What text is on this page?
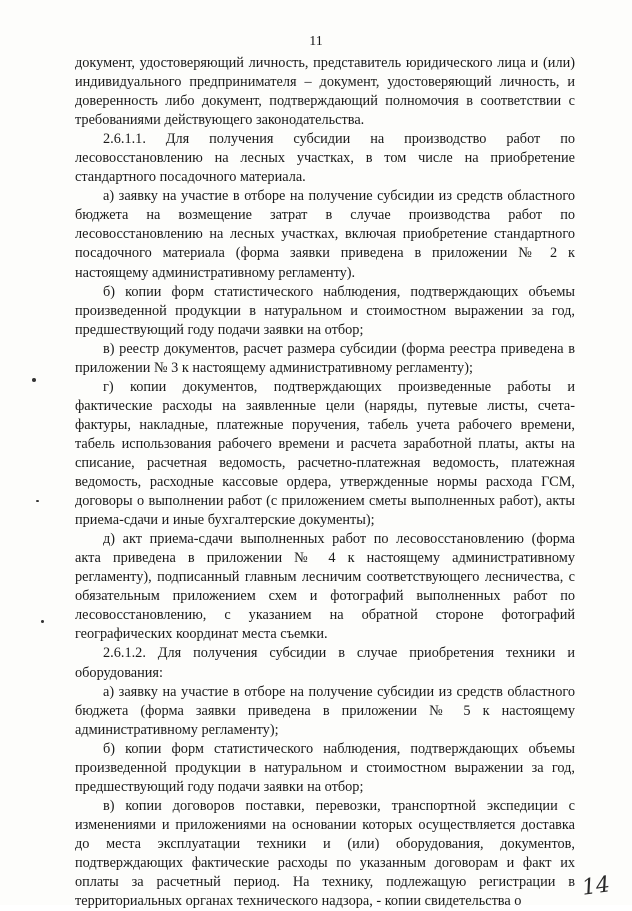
11

документ, удостоверяющий личность, представитель юридического лица и (или) индивидуального предпринимателя – документ, удостоверяющий личность, и доверенность либо документ, подтверждающий полномочия в соответствии с требованиями действующего законодательства.

2.6.1.1. Для получения субсидии на производство работ по лесовосстановлению на лесных участках, в том числе на приобретение стандартного посадочного материала.

а) заявку на участие в отборе на получение субсидии из средств областного бюджета на возмещение затрат в случае производства работ по лесовосстановлению на лесных участках, включая приобретение стандартного посадочного материала (форма заявки приведена в приложении № 2 к настоящему административному регламенту).

б) копии форм статистического наблюдения, подтверждающих объемы произведенной продукции в натуральном и стоимостном выражении за год, предшествующий году подачи заявки на отбор;

в) реестр документов, расчет размера субсидии (форма реестра приведена в приложении № 3 к настоящему административному регламенту);

г) копии документов, подтверждающих произведенные работы и фактические расходы на заявленные цели (наряды, путевые листы, счета-фактуры, накладные, платежные поручения, табель учета рабочего времени, табель использования рабочего времени и расчета заработной платы, акты на списание, расчетная ведомость, расчетно-платежная ведомость, платежная ведомость, расходные кассовые ордера, утвержденные нормы расхода ГСМ, договоры о выполнении работ (с приложением сметы выполненных работ), акты приема-сдачи и иные бухгалтерские документы);

д) акт приема-сдачи выполненных работ по лесовосстановлению (форма акта приведена в приложении № 4 к настоящему административному регламенту), подписанный главным лесничим соответствующего лесничества, с обязательным приложением схем и фотографий выполненных работ по лесовосстановлению, с указанием на обратной стороне фотографий географических координат места съемки.

2.6.1.2. Для получения субсидии в случае приобретения техники и оборудования:

а) заявку на участие в отборе на получение субсидии из средств областного бюджета (форма заявки приведена в приложении № 5 к настоящему административному регламенту);

б) копии форм статистического наблюдения, подтверждающих объемы произведенной продукции в натуральном и стоимостном выражении за год, предшествующий году подачи заявки на отбор;

в) копии договоров поставки, перевозки, транспортной экспедиции с изменениями и приложениями на основании которых осуществляется доставка до места эксплуатации техники и (или) оборудования, документов, подтверждающих фактические расходы по указанным договорам и факт их оплаты за расчетный период. На технику, подлежащую регистрации в территориальных органах технического надзора, - копии свидетельства о

14
